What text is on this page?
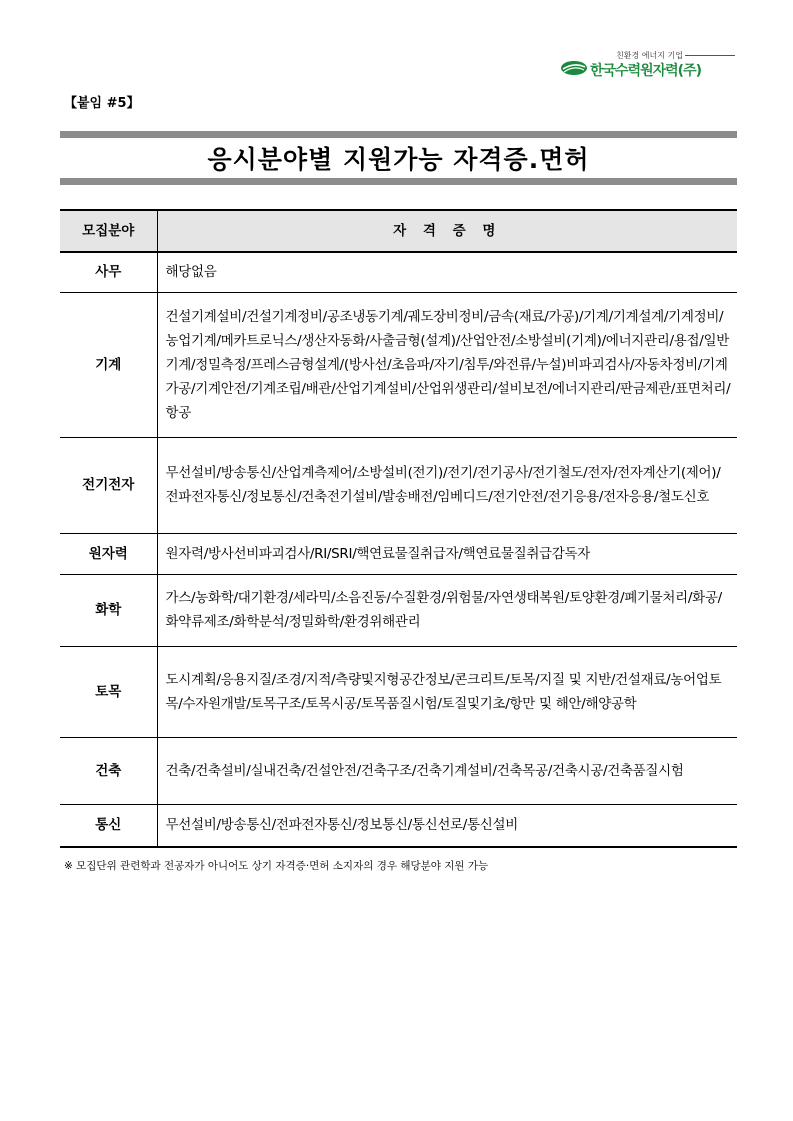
친환경 에너지 기업
한국수력원자력(주)
【붙임 #5】
응시분야별 지원가능 자격증.면허
모집분야	자 격 증 명
사무	해당없음
기계	건설기계설비/건설기계정비/공조냉동기계/궤도장비정비/금속(재료/가공)/기계/기계설계/기계정비/농업기계/메카트로닉스/생산자동화/사출금형(설계)/산업안전/소방설비(기계)/에너지관리/용접/일반기계/정밀측정/프레스금형설계/(방사선/초음파/자기/침투/와전류/누설)비파괴검사/자동차정비/기계가공/기계안전/기계조립/배관/산업기계설비/산업위생관리/설비보전/에너지관리/판금제관/표면처리/항공
전기전자	무선설비/방송통신/산업계측제어/소방설비(전기)/전기/전기공사/전기철도/전자/전자계산기(제어)/전파전자통신/정보통신/건축전기설비/발송배전/임베디드/전기안전/전기응용/전자응용/철도신호
원자력	원자력/방사선비파괴검사/RI/SRI/핵연료물질취급자/핵연료물질취급감독자
화학	가스/농화학/대기환경/세라믹/소음진동/수질환경/위험물/자연생태복원/토양환경/폐기물처리/화공/화약류제조/화학분석/정밀화학/환경위해관리
토목	도시계획/응용지질/조경/지적/측량및지형공간정보/콘크리트/토목/지질 및 지반/건설재료/농어업토목/수자원개발/토목구조/토목시공/토목품질시험/토질및기초/항만 및 해안/해양공학
건축	건축/건축설비/실내건축/건설안전/건축구조/건축기계설비/건축목공/건축시공/건축품질시험
통신	무선설비/방송통신/전파전자통신/정보통신/통신선로/통신설비
※ 모집단위 관련학과 전공자가 아니어도 상기 자격증·면허 소지자의 경우 해당분야 지원 가능
